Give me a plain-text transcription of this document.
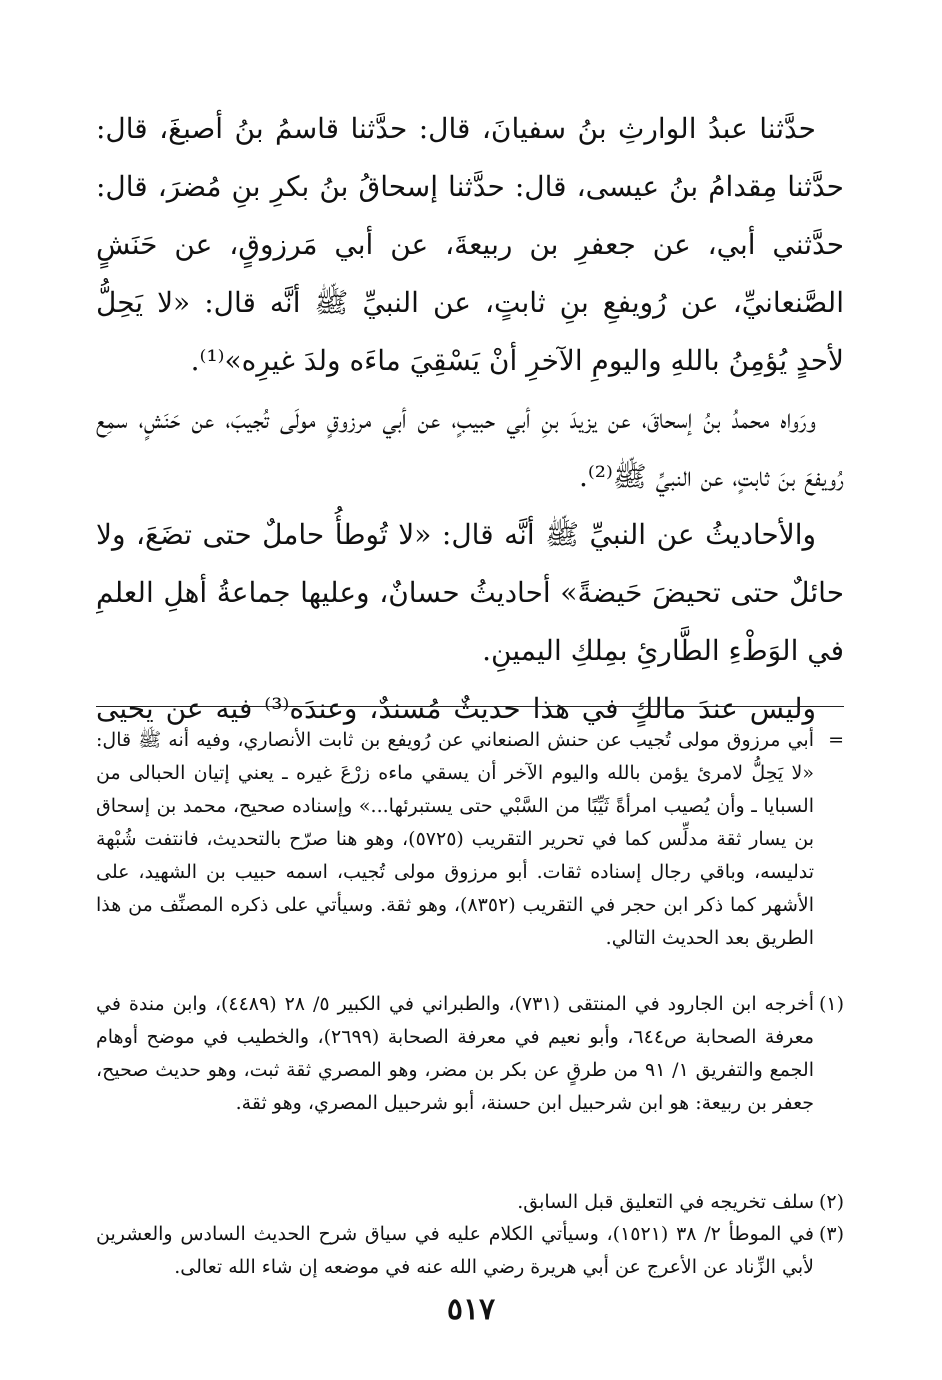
حدَّثنا عبدُ الوارثِ بنُ سفيانَ، قال: حدَّثنا قاسمُ بنُ أصبغَ، قال: حدَّثنا مِقدامُ بنُ عيسى، قال: حدَّثنا إسحاقُ بنُ بكرِ بنِ مُضرَ، قال: حدَّثني أبي، عن جعفرِ بن ربيعةَ، عن أبي مَرزوقٍ، عن حَنَشٍ الصَّنعانيِّ، عن رُويفعِ بنِ ثابتٍ، عن النبيِّ ﷺ أنَّه قال: «لا يَحِلُّ لأحدٍ يُؤمِنُ باللهِ واليومِ الآخرِ أنْ يَسْقِيَ ماءَه ولدَ غيرِه»⁽¹⁾.

ورَواه محمدُ بنُ إسحاقَ، عن يزيدَ بنِ أبي حبيبٍ، عن أبي مرزوقٍ مولَى تُجيبَ، عن حَنَشٍ، سمِع رُويفعَ بنَ ثابتٍ، عن النبيِّ ﷺ⁽²⁾.

والأحاديثُ عن النبيِّ ﷺ أنَّه قال: «لا تُوطأُ حاملٌ حتى تضَعَ، ولا حائلٌ حتى تحيضَ حَيضةً» أحاديثُ حسانٌ، وعليها جماعةُ أهلِ العلمِ في الوَطْءِ الطَّارئِ بمِلكِ اليمينِ.

وليس عندَ مالكٍ في هذا حديثٌ مُسندٌ، وعندَه⁽³⁾ فيه عن يحيى

=
أبي مرزوق مولى تُجيب عن حنش الصنعاني عن رُويفع بن ثابت الأنصاري، وفيه أنه ﷺ قال: «لا يَحِلُّ لامرئ يؤمن بالله واليوم الآخر أن يسقي ماءه زرْعَ غيره ـ يعني إتيان الحبالى من السبايا ـ وأن يُصيب امرأةً ثَيِّبًا من السَّبْي حتى يستبرئها...» وإسناده صحيح، محمد بن إسحاق بن يسار ثقة مدلِّس كما في تحرير التقريب (٥٧٢٥)، وهو هنا صرّح بالتحديث، فانتفت شُبْهة تدليسه، وباقي رجال إسناده ثقات. أبو مرزوق مولى تُجيب، اسمه حبيب بن الشهيد، على الأشهر كما ذكر ابن حجر في التقريب (٨٣٥٢)، وهو ثقة. وسيأتي على ذكره المصنِّف من هذا الطريق بعد الحديث التالي.

(١)
أخرجه ابن الجارود في المنتقى (٧٣١)، والطبراني في الكبير ٥/ ٢٨ (٤٤٨٩)، وابن مندة في معرفة الصحابة ص٦٤٤، وأبو نعيم في معرفة الصحابة (٢٦٩٩)، والخطيب في موضح أوهام الجمع والتفريق ١/ ٩١ من طرقٍ عن بكر بن مضر، وهو المصري ثقة ثبت، وهو حديث صحيح، جعفر بن ربيعة: هو ابن شرحبيل ابن حسنة، أبو شرحبيل المصري، وهو ثقة.

(٢)
سلف تخريجه في التعليق قبل السابق.

(٣)
في الموطأ ٢/ ٣٨ (١٥٢١)، وسيأتي الكلام عليه في سياق شرح الحديث السادس والعشرين لأبي الزِّناد عن الأعرج عن أبي هريرة رضي الله عنه في موضعه إن شاء الله تعالى.

٥١٧
